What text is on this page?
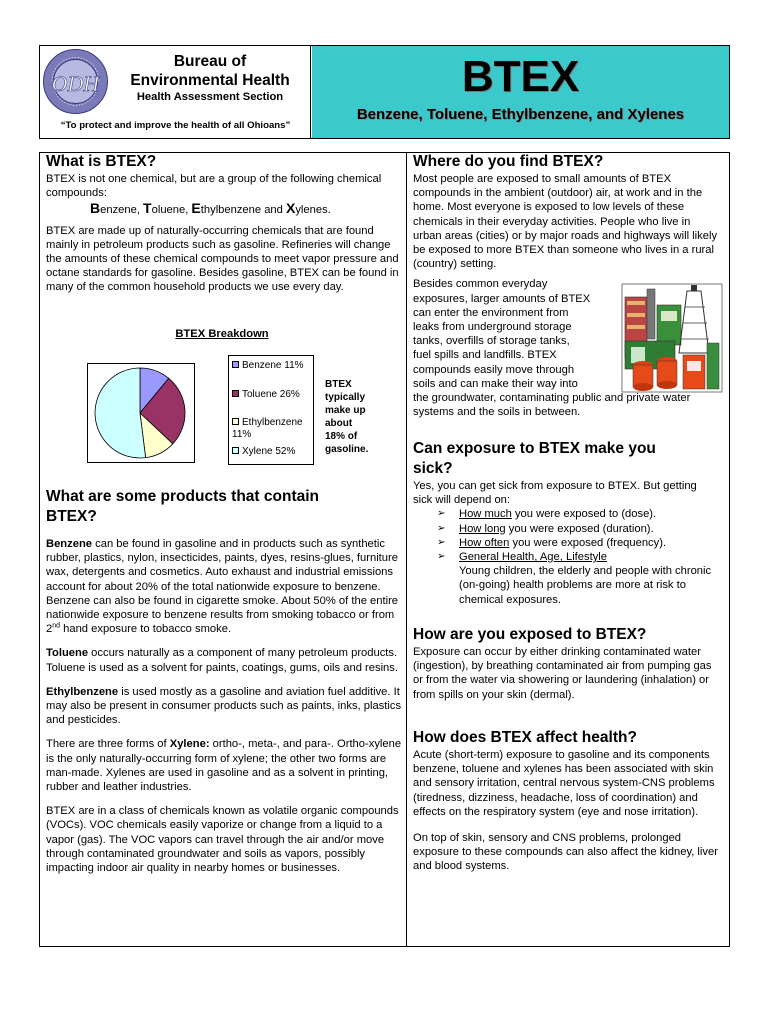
ODH
Bureau of
Environmental Health
Health Assessment Section
“To protect and improve the health of all Ohioans”
BTEX
Benzene, Toluene, Ethylbenzene, and Xylenes
What is BTEX?
BTEX is not one chemical, but are a group of the following chemical compounds:
Benzene, Toluene, Ethylbenzene and Xylenes.
BTEX are made up of naturally-occurring chemicals that are found mainly in petroleum products such as gasoline. Refineries will change the amounts of these chemical compounds to meet vapor pressure and octane standards for gasoline. Besides gasoline, BTEX can be found in many of the common household products we use every day.
BTEX Breakdown
Benzene 11%
Toluene 26%
Ethylbenzene 11%
Xylene 52%
BTEX
typically
make up
about
18% of
gasoline.
What are some products that contain
BTEX?
Benzene can be found in gasoline and in products such as synthetic rubber, plastics, nylon, insecticides, paints, dyes, resins-glues, furniture wax, detergents and cosmetics. Auto exhaust and industrial emissions account for about 20% of the total nationwide exposure to benzene. Benzene can also be found in cigarette smoke. About 50% of the entire nationwide exposure to benzene results from smoking tobacco or from 2nd hand exposure to tobacco smoke.
Toluene occurs naturally as a component of many petroleum products. Toluene is used as a solvent for paints, coatings, gums, oils and resins.
Ethylbenzene is used mostly as a gasoline and aviation fuel additive. It may also be present in consumer products such as paints, inks, plastics and pesticides.
There are three forms of Xylene: ortho-, meta-, and para-. Ortho-xylene is the only naturally-occurring form of xylene; the other two forms are man-made. Xylenes are used in gasoline and as a solvent in printing, rubber and leather industries.
BTEX are in a class of chemicals known as volatile organic compounds (VOCs). VOC chemicals easily vaporize or change from a liquid to a vapor (gas). The VOC vapors can travel through the air and/or move through contaminated groundwater and soils as vapors, possibly impacting indoor air quality in nearby homes or businesses.
Where do you find BTEX?
Most people are exposed to small amounts of BTEX compounds in the ambient (outdoor) air, at work and in the home. Most everyone is exposed to low levels of these chemicals in their everyday activities. People who live in urban areas (cities) or by major roads and highways will likely be exposed to more BTEX than someone who lives in a rural (country) setting.
Besides common everyday
exposures, larger amounts of BTEX
can enter the environment from
leaks from underground storage
tanks, overfills of storage tanks,
fuel spills and landfills. BTEX
compounds easily move through
soils and can make their way into
the groundwater, contaminating public and private water systems and the soils in between.
Can exposure to BTEX make you
sick?
Yes, you can get sick from exposure to BTEX. But getting sick will depend on:
➢ How much you were exposed to (dose).
➢ How long you were exposed (duration).
➢ How often you were exposed (frequency).
➢ General Health, Age, Lifestyle
Young children, the elderly and people with chronic (on-going) health problems are more at risk to chemical exposures.
How are you exposed to BTEX?
Exposure can occur by either drinking contaminated water (ingestion), by breathing contaminated air from pumping gas or from the water via showering or laundering (inhalation) or from spills on your skin (dermal).
How does BTEX affect health?
Acute (short-term) exposure to gasoline and its components benzene, toluene and xylenes has been associated with skin and sensory irritation, central nervous system-CNS problems (tiredness, dizziness, headache, loss of coordination) and effects on the respiratory system (eye and nose irritation).
On top of skin, sensory and CNS problems, prolonged exposure to these compounds can also affect the kidney, liver and blood systems.
